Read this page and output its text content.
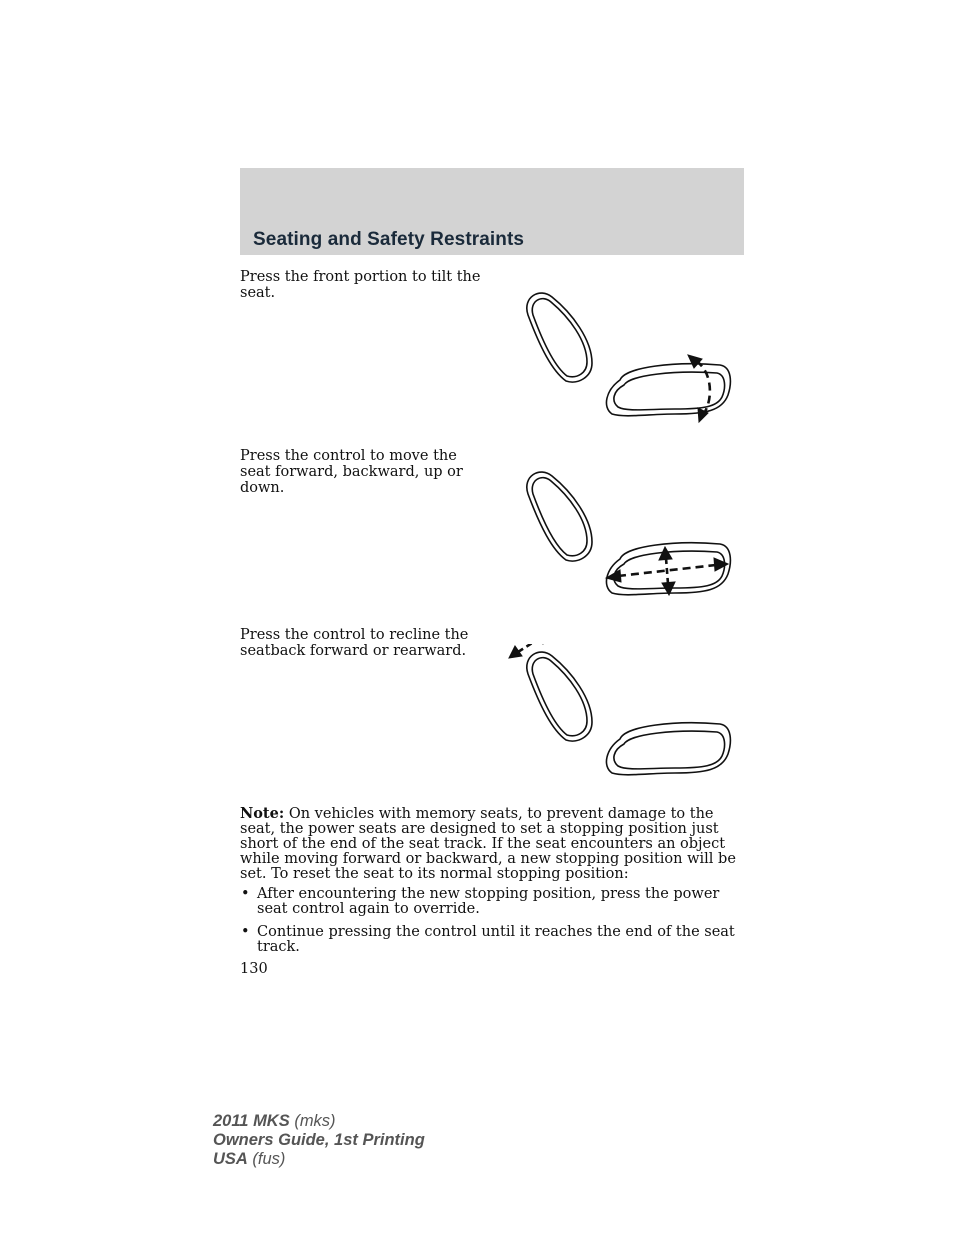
Seating and Safety Restraints

Press the front portion to tilt the seat.

Press the control to move the seat forward, backward, up or down.

Press the control to recline the seatback forward or rearward.

Note: On vehicles with memory seats, to prevent damage to the seat, the power seats are designed to set a stopping position just short of the end of the seat track. If the seat encounters an object while moving forward or backward, a new stopping position will be set. To reset the seat to its normal stopping position:

• After encountering the new stopping position, press the power seat control again to override.
• Continue pressing the control until it reaches the end of the seat track.
130
2011 MKS (mks)
Owners Guide, 1st Printing
USA (fus)
